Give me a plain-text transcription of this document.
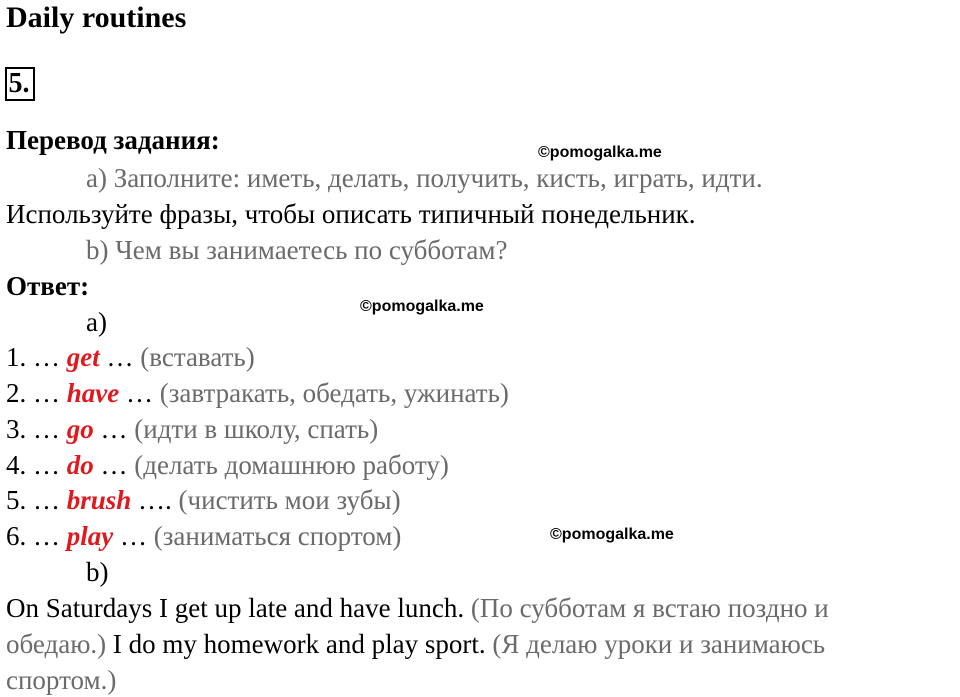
Daily routines
5.
Перевод задания:	©pomogalka.me
a) Заполните: иметь, делать, получить, кисть, играть, идти.
Используйте фразы, чтобы описать типичный понедельник.
b) Чем вы занимаетесь по субботам?
Ответ:
©pomogalka.me
a)
1. … get … (вставать)
2. … have … (завтракать, обедать, ужинать)
3. … go … (идти в школу, спать)
4. … do … (делать домашнюю работу)
5. … brush …. (чистить мои зубы)
6. … play … (заниматься спортом)	©pomogalka.me
b)
On Saturdays I get up late and have lunch. (По субботам я встаю поздно и
обедаю.) I do my homework and play sport. (Я делаю уроки и занимаюсь
спортом.)
